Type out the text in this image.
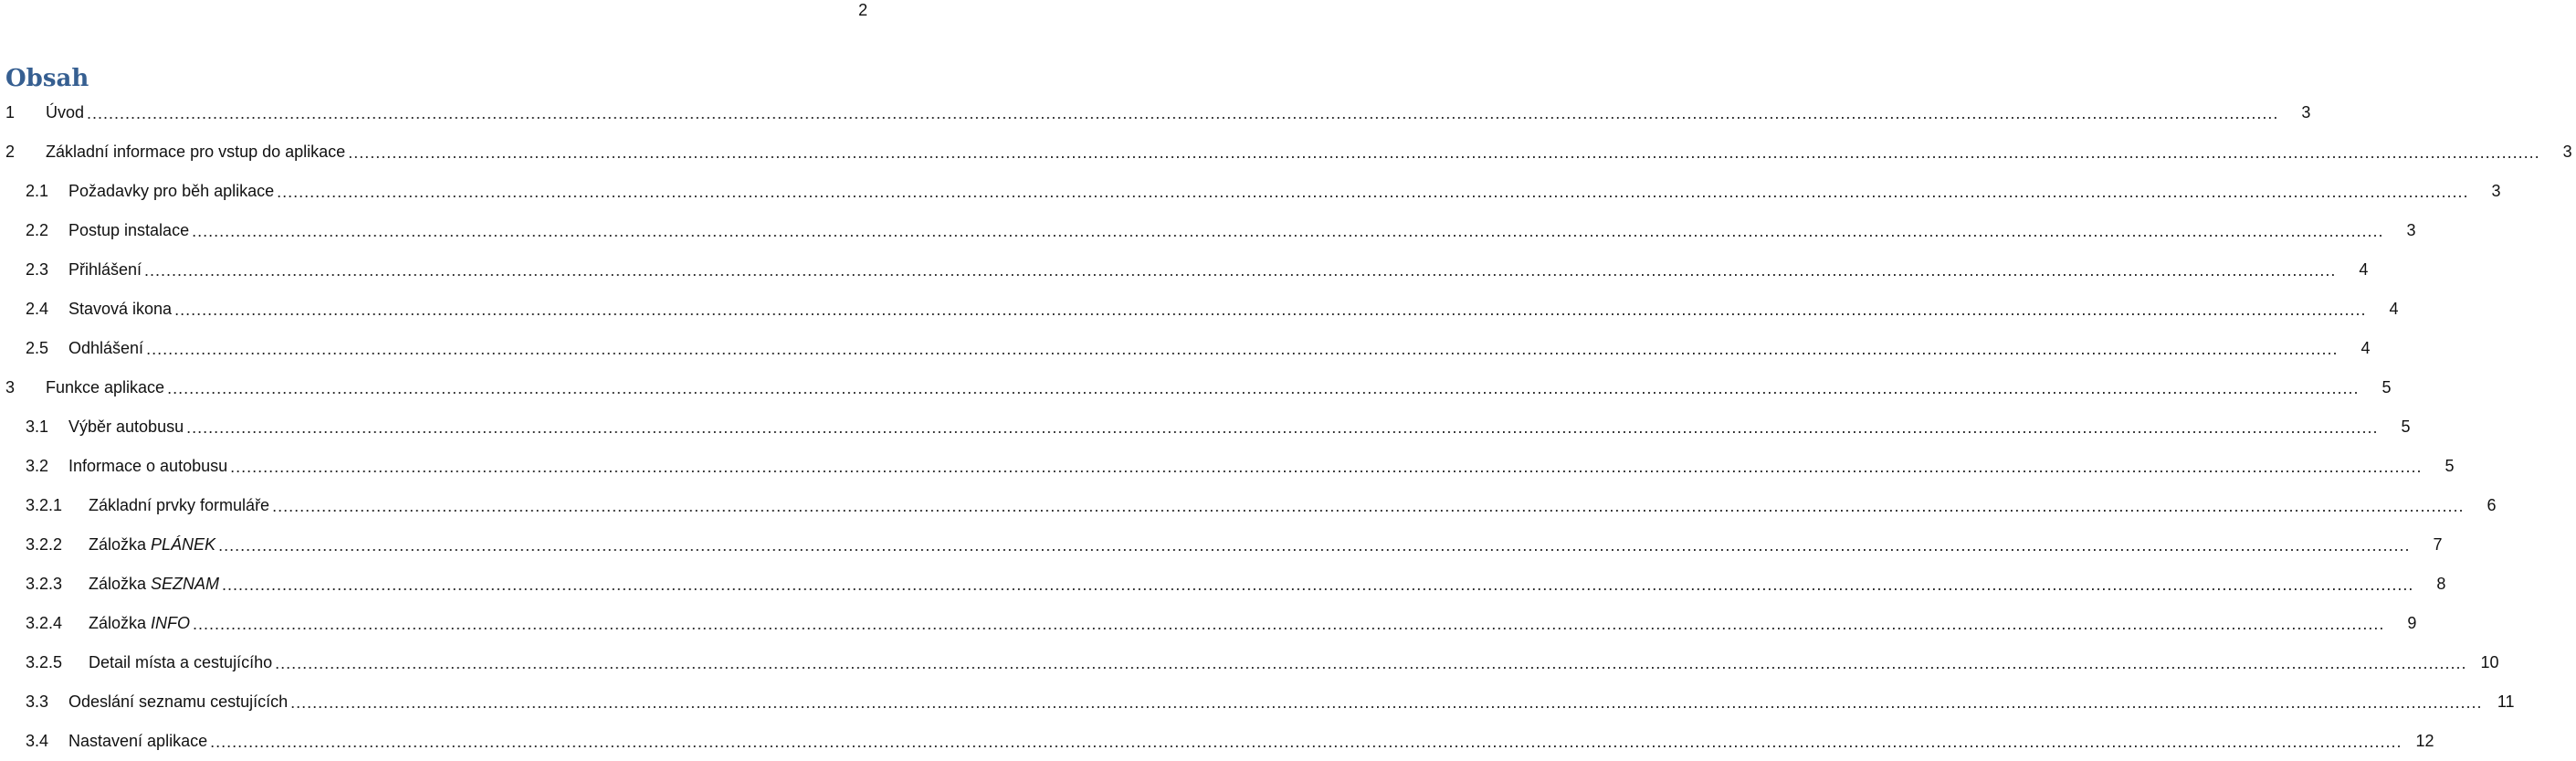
2
Obsah
1	Úvod ................................................................................................................................................................................................................................................................................................................................................................................................................	3
2	Základní informace pro vstup do aplikace ................................................................................................................................................................................................................................................................................................................................................................................................................	3
2.1	Požadavky pro běh aplikace ................................................................................................................................................................................................................................................................................................................................................................................................................	3
2.2	Postup instalace ................................................................................................................................................................................................................................................................................................................................................................................................................	3
2.3	Přihlášení ................................................................................................................................................................................................................................................................................................................................................................................................................	4
2.4	Stavová ikona ................................................................................................................................................................................................................................................................................................................................................................................................................	4
2.5	Odhlášení ................................................................................................................................................................................................................................................................................................................................................................................................................	4
3	Funkce aplikace ................................................................................................................................................................................................................................................................................................................................................................................................................	5
3.1	Výběr autobusu ................................................................................................................................................................................................................................................................................................................................................................................................................	5
3.2	Informace o autobusu ................................................................................................................................................................................................................................................................................................................................................................................................................	5
3.2.1	Základní prvky formuláře ................................................................................................................................................................................................................................................................................................................................................................................................................	6
3.2.2	Záložka PLÁNEK ................................................................................................................................................................................................................................................................................................................................................................................................................	7
3.2.3	Záložka SEZNAM ................................................................................................................................................................................................................................................................................................................................................................................................................	8
3.2.4	Záložka INFO ................................................................................................................................................................................................................................................................................................................................................................................................................	9
3.2.5	Detail místa a cestujícího ................................................................................................................................................................................................................................................................................................................................................................................................................ 10
3.3	Odeslání seznamu cestujících ................................................................................................................................................................................................................................................................................................................................................................................................................ 11
3.4	Nastavení aplikace ................................................................................................................................................................................................................................................................................................................................................................................................................ 12
